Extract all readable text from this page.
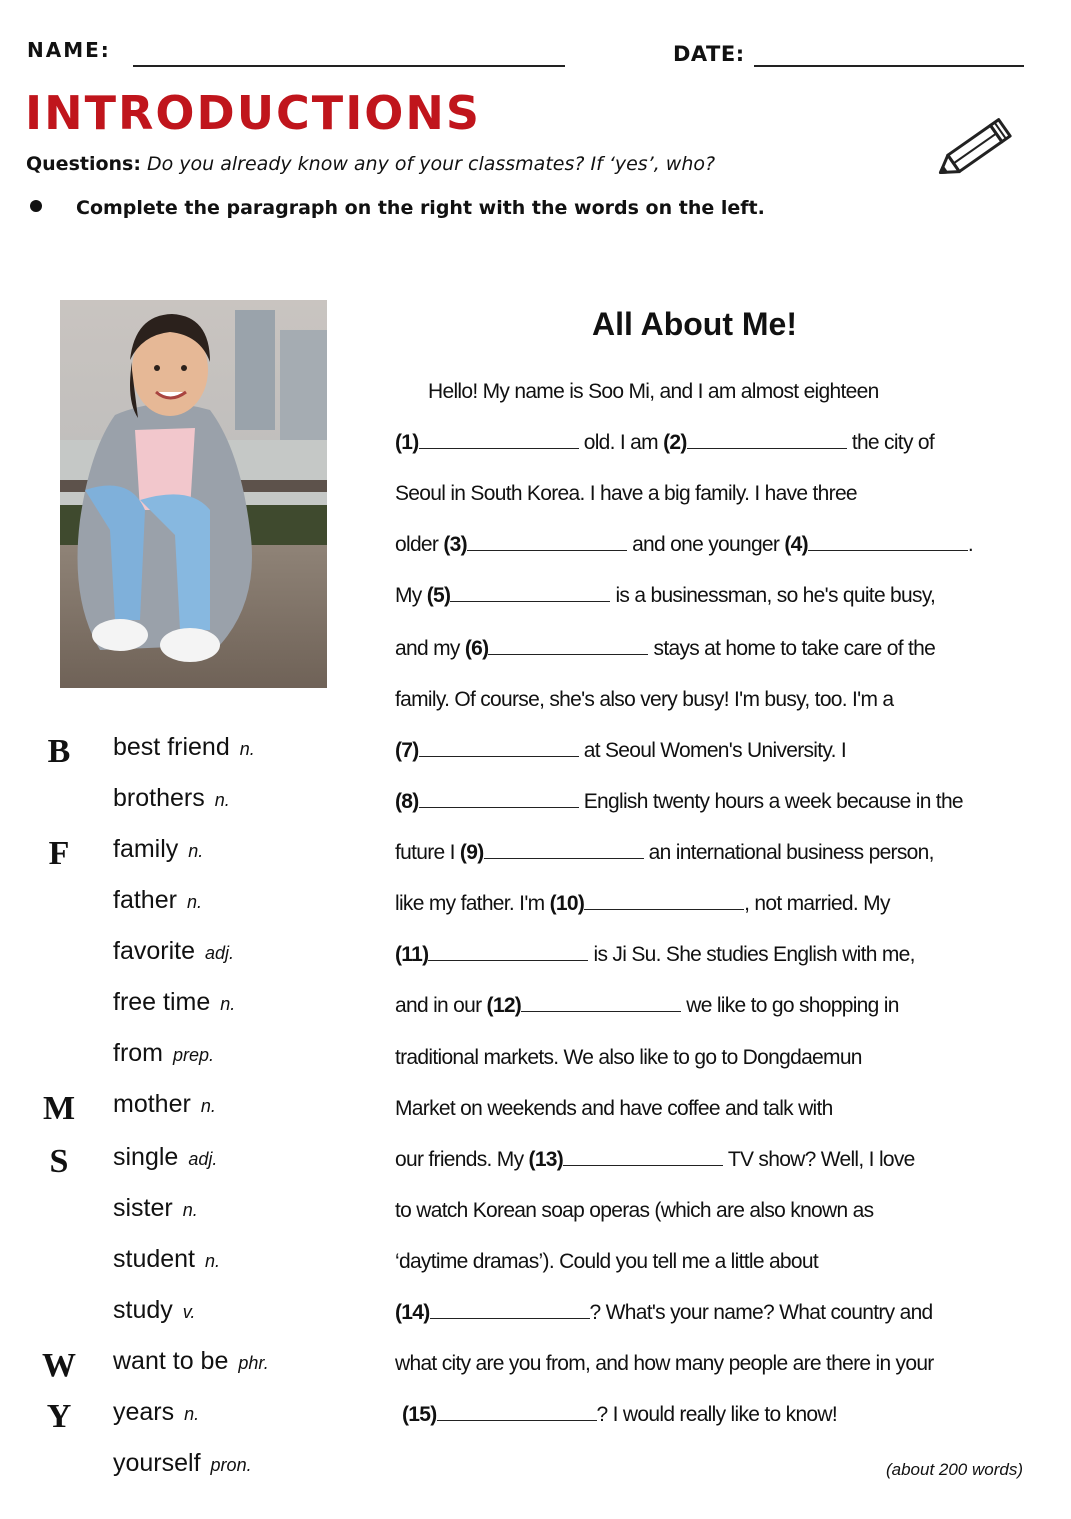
NAME:	DATE:
INTRODUCTIONS
Questions: Do you already know any of your classmates? If ‘yes’, who?
Complete the paragraph on the right with the words on the left.
All About Me!
Hello! My name is Soo Mi, and I am almost eighteen
(1)	old. I am (2)	the city of
Seoul in South Korea. I have a big family. I have three
older (3)	and one younger (4)	.
My (5)	is a businessman, so he's quite busy,
and my (6)	stays at home to take care of the
family. Of course, she's also very busy! I'm busy, too. I'm a
(7)	at Seoul Women's University. I
(8)	English twenty hours a week because in the
future I (9)	an international business person,
like my father. I'm (10)	, not married. My
(11)	is Ji Su. She studies English with me,
and in our (12)	we like to go shopping in
traditional markets. We also like to go to Dongdaemun
Market on weekends and have coffee and talk with
our friends. My (13)	TV show? Well, I love
to watch Korean soap operas (which are also known as
‘daytime dramas’). Could you tell me a little about
(14)	? What's your name? What country and
what city are you from, and how many people are there in your
(15)	? I would really like to know!
(about 200 words)
B	best friend n.
brothers n.
F	family n.
father n.
favorite adj.
free time n.
from prep.
M mother n.
S	single adj.
sister n.
student n.
study v.
W want to be phr.
Y years n.
yourself pron.
